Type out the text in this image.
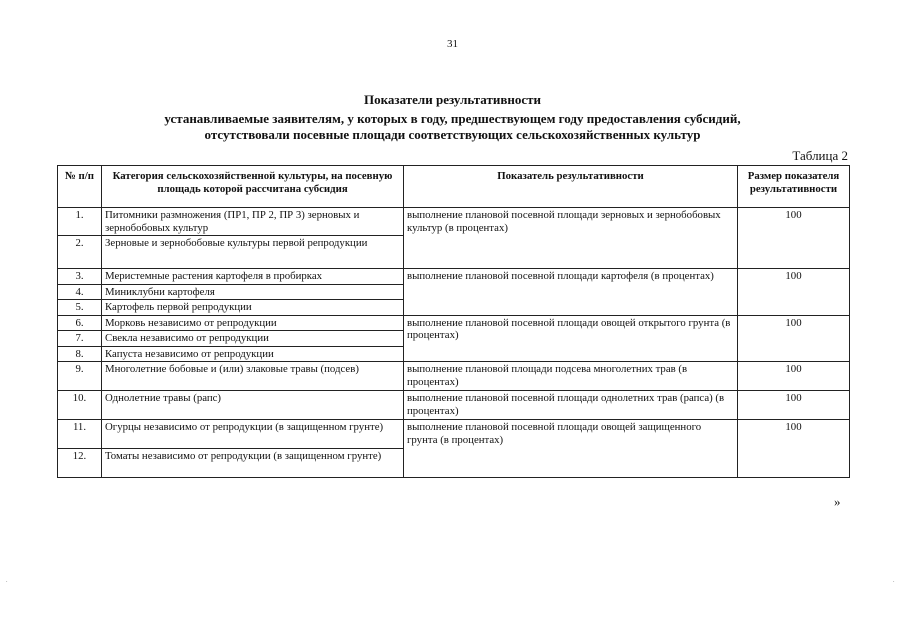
31
Показатели результативности
устанавливаемые заявителям, у которых в году, предшествующем году предоставления субсидий,
отсутствовали посевные площади соответствующих сельскохозяйственных культур
Таблица 2
№ п/п	Категория сельскохозяйственной культуры, на посевную площадь которой рассчитана субсидия	Показатель результативности	Размер показателя результативности
1.	Питомники размножения (ПР1, ПР 2, ПР 3) зерновых и зернобобовых культур	выполнение плановой посевной площади зерновых и зернобобовых культур (в процентах)	100
2.	Зерновые и зернобобовые культуры первой репродукции		
3.	Меристемные растения картофеля в пробирках	выполнение плановой посевной площади картофеля (в процентах)	100
4.	Миниклубни картофеля		
5.	Картофель первой репродукции		
6.	Морковь независимо от репродукции	выполнение плановой посевной площади овощей открытого грунта (в процентах)	100
7.	Свекла независимо от репродукции		
8.	Капуста независимо от репродукции		
9.	Многолетние бобовые и (или) злаковые травы (подсев)	выполнение плановой площади подсева многолетних трав (в процентах)	100
10.	Однолетние травы (рапс)	выполнение плановой посевной площади однолетних трав (рапса) (в процентах)	100
11.	Огурцы независимо от репродукции (в защищенном грунте)	выполнение плановой посевной площади овощей защищенного грунта (в процентах)	100
12.	Томаты независимо от репродукции (в защищенном грунте)		
»
.	.
